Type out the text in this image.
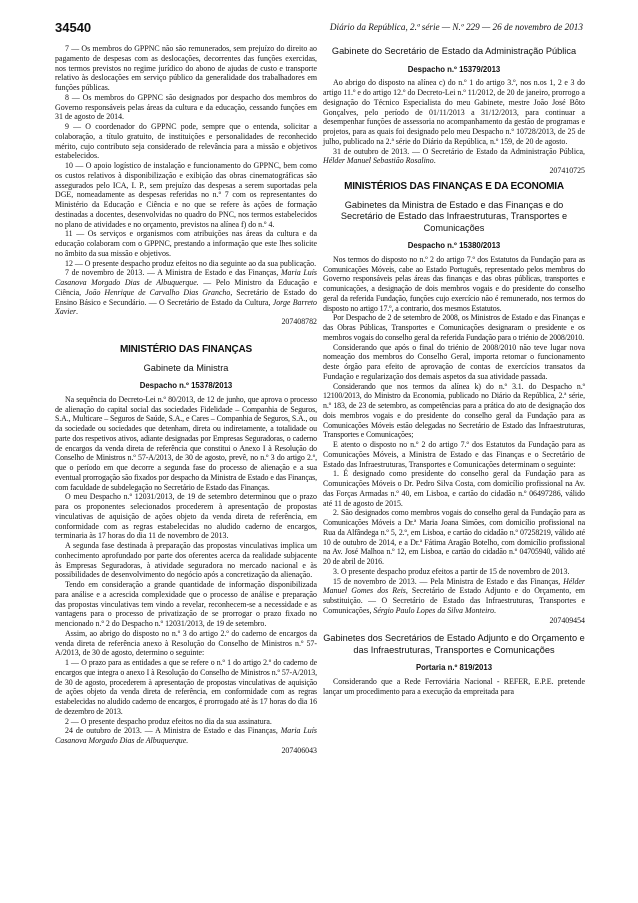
34540	Diário da República, 2.ª série — N.º 229 — 26 de novembro de 2013

7 — Os membros do GPPNC não são remunerados, sem prejuízo do direito ao pagamento de despesas com as deslocações, decorrentes das funções exercidas, nos termos previstos no regime jurídico do abono de ajudas de custo e transporte relativo às deslocações em serviço público da generalidade dos trabalhadores em funções públicas.

8 — Os membros do GPPNC são designados por despacho dos membros do Governo responsáveis pelas áreas da cultura e da educação, cessando funções em 31 de agosto de 2014.

9 — O coordenador do GPPNC pode, sempre que o entenda, solicitar a colaboração, a título gratuito, de instituições e personalidades de reconhecido mérito, cujo contributo seja considerado de relevância para a missão e objetivos estabelecidos.

10 — O apoio logístico de instalação e funcionamento do GPPNC, bem como os custos relativos à disponibilização e exibição das obras cinematográficas são assegurados pelo ICA, I. P., sem prejuízo das despesas a serem suportadas pela DGE, nomeadamente as despesas referidas no n.º 7 com os representantes do Ministério da Educação e Ciência e no que se refere às ações de formação destinadas a docentes, desenvolvidas no quadro do PNC, nos termos estabelecidos no plano de atividades e no orçamento, previstos na alínea f) do n.º 4.

11 — Os serviços e organismos com atribuições nas áreas da cultura e da educação colaboram com o GPPNC, prestando a informação que este lhes solicite no âmbito da sua missão e objetivos.

12 — O presente despacho produz efeitos no dia seguinte ao da sua publicação.

7 de novembro de 2013. — A Ministra de Estado e das Finanças, Maria Luís Casanova Morgado Dias de Albuquerque. — Pelo Ministro da Educação e Ciência, João Henrique de Carvalho Dias Grancho, Secretário de Estado do Ensino Básico e Secundário. — O Secretário de Estado da Cultura, Jorge Barreto Xavier.

207408782

MINISTÉRIO DAS FINANÇAS
Gabinete da Ministra
Despacho n.º 15378/2013

Na sequência do Decreto-Lei n.º 80/2013, de 12 de junho, que aprova o processo de alienação do capital social das sociedades Fidelidade – Companhia de Seguros, S.A., Multicare – Seguros de Saúde, S.A., e Cares – Companhia de Seguros, S.A., ou da sociedade ou sociedades que detenham, direta ou indiretamente, a totalidade ou parte dos respetivos ativos, adiante designadas por Empresas Seguradoras, o caderno de encargos da venda direta de referência que constitui o Anexo I à Resolução do Conselho de Ministros n.º 57-A/2013, de 30 de agosto, prevê, no n.º 3 do artigo 2.º, que o período em que decorre a segunda fase do processo de alienação e a sua eventual prorrogação são fixados por despacho da Ministra de Estado e das Finanças, com faculdade de subdelegação no Secretário de Estado das Finanças.

O meu Despacho n.º 12031/2013, de 19 de setembro determinou que o prazo para os proponentes selecionados procederem à apresentação de propostas vinculativas de aquisição de ações objeto da venda direta de referência, em conformidade com as regras estabelecidas no aludido caderno de encargos, terminaria às 17 horas do dia 11 de novembro de 2013.

A segunda fase destinada à preparação das propostas vinculativas implica um conhecimento aprofundado por parte dos oferentes acerca da realidade subjacente às Empresas Seguradoras, à atividade seguradora no mercado nacional e às possibilidades de desenvolvimento do negócio após a concretização da alienação.

Tendo em consideração a grande quantidade de informação disponibilizada para análise e a acrescida complexidade que o processo de análise e preparação das propostas vinculativas tem vindo a revelar, reconhecem-se a necessidade e as vantagens para o processo de privatização de se prorrogar o prazo fixado no mencionado n.º 2 do Despacho n.º 12031/2013, de 19 de setembro.

Assim, ao abrigo do disposto no n.º 3 do artigo 2.º do caderno de encargos da venda direta de referência anexo à Resolução do Conselho de Ministros n.º 57-A/2013, de 30 de agosto, determino o seguinte:

1 — O prazo para as entidades a que se refere o n.º 1 do artigo 2.º do caderno de encargos que integra o anexo I à Resolução do Conselho de Ministros n.º 57-A/2013, de 30 de agosto, procederem à apresentação de propostas vinculativas de aquisição de ações objeto da venda direta de referência, em conformidade com as regras estabelecidas no aludido caderno de encargos, é prorrogado até às 17 horas do dia 16 de dezembro de 2013.

2 — O presente despacho produz efeitos no dia da sua assinatura.

24 de outubro de 2013. — A Ministra de Estado e das Finanças, Maria Luís Casanova Morgado Dias de Albuquerque.

207406043

Gabinete do Secretário de Estado da Administração Pública
Despacho n.º 15379/2013

Ao abrigo do disposto na alínea c) do n.º 1 do artigo 3.º, nos n.os 1, 2 e 3 do artigo 11.º e do artigo 12.º do Decreto-Lei n.º 11/2012, de 20 de janeiro, prorrogo a designação do Técnico Especialista do meu Gabinete, mestre João José Bôto Gonçalves, pelo período de 01/11/2013 a 31/12/2013, para continuar a desempenhar funções de assessoria no acompanhamento da gestão de programas e projetos, para as quais foi designado pelo meu Despacho n.º 10728/2013, de 25 de julho, publicado na 2.ª série do Diário da República, n.º 159, de 20 de agosto.

31 de outubro de 2013. — O Secretário de Estado da Administração Pública, Hélder Manuel Sebastião Rosalino.

207410725

MINISTÉRIOS DAS FINANÇAS E DA ECONOMIA
Gabinetes da Ministra de Estado e das Finanças e do Secretário de Estado das Infraestruturas, Transportes e Comunicações
Despacho n.º 15380/2013

Nos termos do disposto no n.º 2 do artigo 7.º dos Estatutos da Fundação para as Comunicações Móveis, cabe ao Estado Português, representado pelos membros do Governo responsáveis pelas áreas das finanças e das obras públicas, transportes e comunicações, a designação de dois membros vogais e do presidente do conselho geral da referida Fundação, funções cujo exercício não é remunerado, nos termos do disposto no artigo 17.º, a contrario, dos mesmos Estatutos.

Por Despacho de 2 de setembro de 2008, os Ministros de Estado e das Finanças e das Obras Públicas, Transportes e Comunicações designaram o presidente e os membros vogais do conselho geral da referida Fundação para o triénio de 2008/2010.

Considerando que após o final do triénio de 2008/2010 não teve lugar nova nomeação dos membros do Conselho Geral, importa retomar o funcionamento deste órgão para efeito de aprovação de contas de exercícios transatos da Fundação e regularização dos demais aspetos da sua atividade passada.

Considerando que nos termos da alínea k) do n.º 3.1. do Despacho n.º 12100/2013, do Ministro da Economia, publicado no Diário da República, 2.ª série, n.º 183, de 23 de setembro, as competências para a prática do ato de designação dos dois membros vogais e do presidente do conselho geral da Fundação para as Comunicações Móveis estão delegadas no Secretário de Estado das Infraestruturas, Transportes e Comunicações;

E atento o disposto no n.º 2 do artigo 7.º dos Estatutos da Fundação para as Comunicações Móveis, a Ministra de Estado e das Finanças e o Secretário de Estado das Infraestruturas, Transportes e Comunicações determinam o seguinte:

1. É designado como presidente do conselho geral da Fundação para as Comunicações Móveis o Dr. Pedro Silva Costa, com domicílio profissional na Av. das Forças Armadas n.º 40, em Lisboa, e cartão do cidadão n.º 06497286, válido até 11 de agosto de 2015.

2. São designados como membros vogais do conselho geral da Fundação para as Comunicações Móveis a Dr.ª Maria Joana Simões, com domicílio profissional na Rua da Alfândega n.º 5, 2.º, em Lisboa, e cartão do cidadão n.º 07258219, válido até 10 de outubro de 2014, e a Dr.ª Fátima Aragão Botelho, com domicílio profissional na Av. José Malhoa n.º 12, em Lisboa, e cartão do cidadão n.º 04705940, válido até 20 de abril de 2016.

3. O presente despacho produz efeitos a partir de 15 de novembro de 2013.

15 de novembro de 2013. — Pela Ministra de Estado e das Finanças, Hélder Manuel Gomes dos Reis, Secretário de Estado Adjunto e do Orçamento, em substituição. — O Secretário de Estado das Infraestruturas, Transportes e Comunicações, Sérgio Paulo Lopes da Silva Monteiro.

207409454

Gabinetes dos Secretários de Estado Adjunto e do Orçamento e das Infraestruturas, Transportes e Comunicações
Portaria n.º 819/2013

Considerando que a Rede Ferroviária Nacional - REFER, E.P.E. pretende lançar um procedimento para a execução da empreitada para
